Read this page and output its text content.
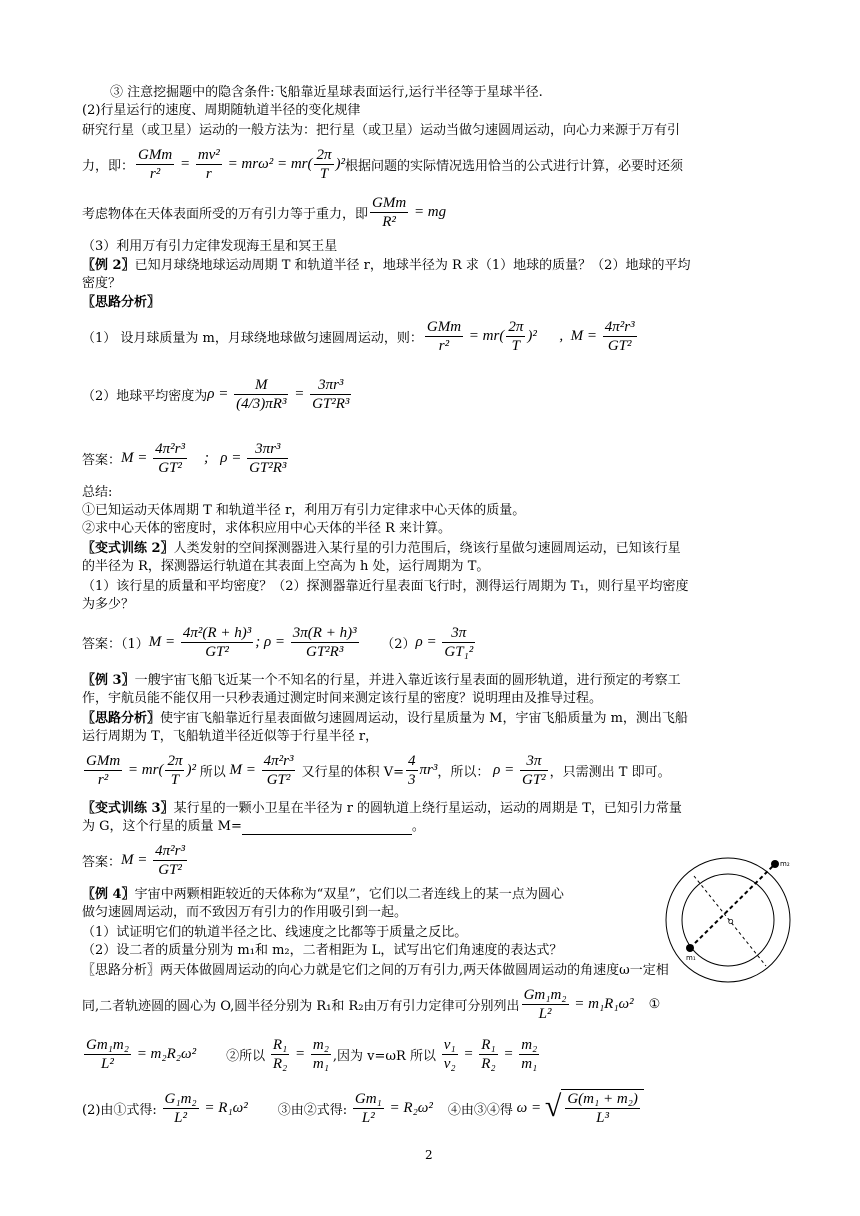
③ 注意挖掘题中的隐含条件:飞船靠近星球表面运行,运行半径等于星球半径.
(2)行星运行的速度、周期随轨道半径的变化规律
研究行星（或卫星）运动的一般方法为：把行星（或卫星）运动当做匀速圆周运动，向心力来源于万有引
力，即： $\frac{\text{GMm}}{\text{r²}} = \frac{\text{mv²}}{r} = mr\omega^2 = mr( \frac{2\pi}{T} )^2$ 根据问题的实际情况选用恰当的公式进行计算，必要时还须
考虑物体在天体表面所受的万有引力等于重力，即 $\frac{\text{GMm}}{\text{R²}}$ = mg
（3）利用万有引力定律发现海王星和冥王星
〖例 2〗已知月球绕地球运动周期 T 和轨道半径 r，地球半径为 R 求（1）地球的质量？（2）地球的平均
密度？
〖思路分析〗
（1） 设月球质量为 m，月球绕地球做匀速圆周运动，则： $\frac{\text{GMm}}{\text{r²}} = mr( \frac{2\pi}{T} )^2$      ,  $M = \frac{\text{4π²r³}}{\text{GT²}}$
（2）地球平均密度为 $\rho = \frac{M}{\text{(4/3)πR³}} = \frac{\text{3πr³}}{\text{GT²R³}}$
答案： $M = \frac{\text{4π²r³}}{\text{GT²}}$ ;   $\rho = \frac{\text{3πr³}}{\text{GT²R³}}$
总结:
①已知运动天体周期 T 和轨道半径 r，利用万有引力定律求中心天体的质量。
②求中心天体的密度时，求体积应用中心天体的半径 R 来计算。
〖变式训练 2〗人类发射的空间探测器进入某行星的引力范围后，绕该行星做匀速圆周运动，已知该行星
的半径为 R，探测器运行轨道在其表面上空高为 h 处，运行周期为 T。
（1）该行星的质量和平均密度？（2）探测器靠近行星表面飞行时，测得运行周期为 T₁，则行星平均密度
为多少？
答案：（1） $M = \frac{\text{4π²(R + h)³}}{\text{GT²}}$ ; $\rho = \frac{\text{3π(R + h)³}}{\text{GT²R³}}$
（2） $\rho = \frac{3\pi}{\text{GT₁²}}$
〖例 3〗一艘宇宙飞船飞近某一个不知名的行星，并进入靠近该行星表面的圆形轨道，进行预定的考察工
作，宇航员能不能仅用一只秒表通过测定时间来测定该行星的密度？说明理由及推导过程。
〖思路分析〗使宇宙飞船靠近行星表面做匀速圆周运动，设行星质量为 M，宇宙飞船质量为 m，测出飞船
运行周期为 T，飞船轨道半径近似等于行星半径 r，
$\frac{\text{GMm}}{\text{r²}} = mr( \frac{2\pi}{T} )^2$ 所以 $M = \frac{\text{4π²r³}}{\text{GT²}}$
又行星的体积 $V= \frac{4}{3} \pi r^3$ ，所以： $\rho = \frac{3\pi}{\text{GT²}}$ ，只需测出 T 即可。
〖变式训练 3〗某行星的一颗小卫星在半径为 r 的圆轨道上绕行星运动，运动的周期是 T，已知引力常量
为 G，这个行星的质量 M=	。
答案： $M = \frac{\text{4π²r³}}{\text{GT²}}$
〖例 4〗宇宙中两颗相距较近的天体称为“双星”，它们以二者连线上的某一点为圆心
做匀速圆周运动，而不致因万有引力的作用吸引到一起。
（1）试证明它们的轨道半径之比、线速度之比都等于质量之反比。
（2）设二者的质量分别为 m₁和 m₂，二者相距为 L，试写出它们角速度的表达式？
〖思路分析〗两天体做圆周运动的向心力就是它们之间的万有引力,两天体做圆周运动的角速度ω一定相
同,二者轨迹圆的圆心为 O,圆半径分别为 R₁和 R₂由万有引力定律可分别列出 $\frac{\text{Gm₁m₂}}{\text{L²}} = m_1R_1\omega^2$ ①
$\frac{\text{Gm₁m₂}}{\text{L²}} = m_2R_2\omega^2$ ②所以
$\frac{\text{R₁}}{\text{R₂}} = \frac{\text{m₂}}{\text{m₁}}$ ,因为 v=ωR 所以
$\frac{\text{v₁}}{\text{v₂}} = \frac{\text{R₁}}{\text{R₂}} = \frac{\text{m₂}}{\text{m₁}}$
(2)由①式得:
$\frac{\text{G₁m₂}}{\text{L²}} = R_1\omega^2$ ③由②式得:
$\frac{\text{Gm₁}}{\text{L²}} = R_2\omega^2$ ④由③④得 ω = √ $\frac{\text{G(m₁ + m₂)}}{\text{L³}}$
m₂
m₁
O
2
